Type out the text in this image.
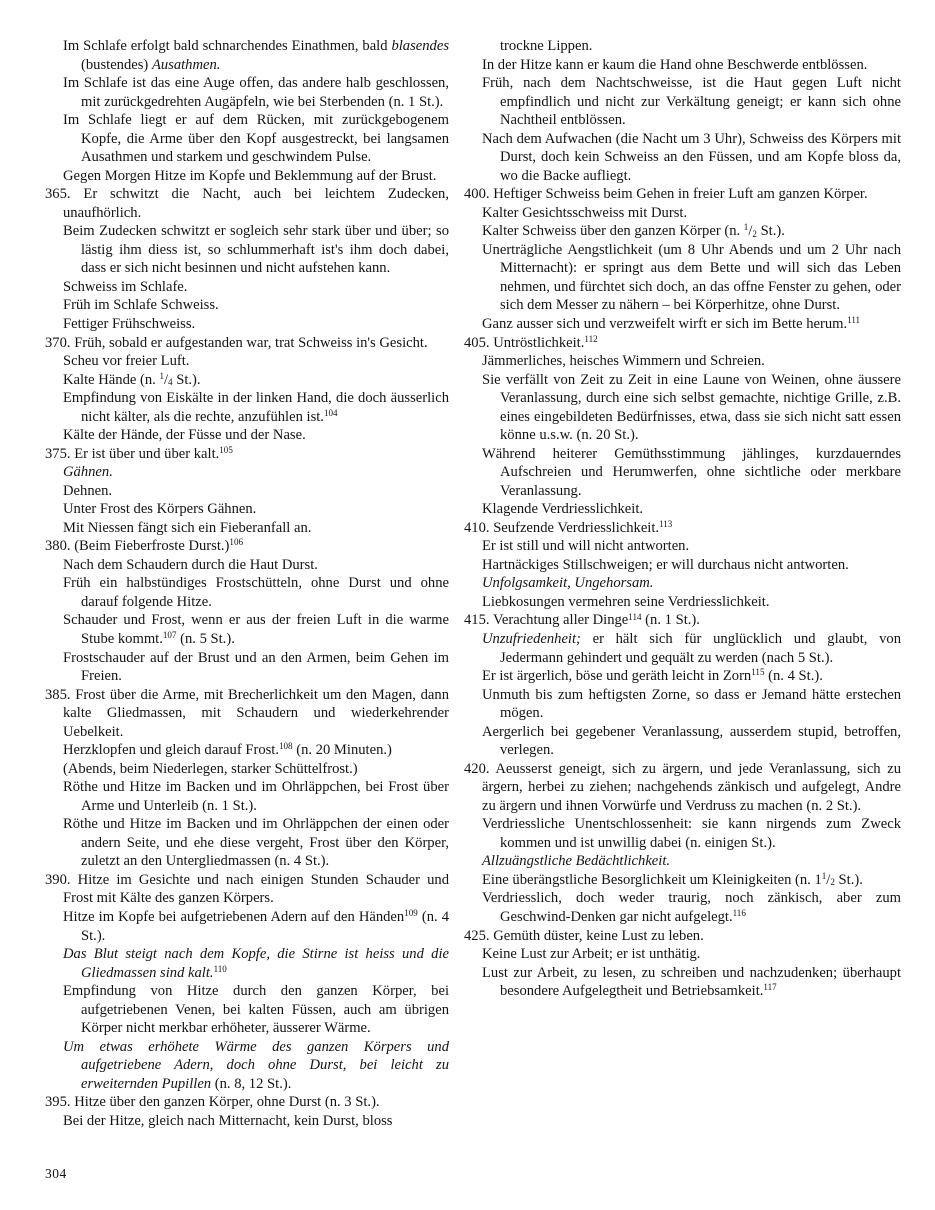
Im Schlafe erfolgt bald schnarchendes Einathmen, bald blasendes (bustendes) Ausathmen.

Im Schlafe ist das eine Auge offen, das andere halb geschlossen, mit zurückgedrehten Augäpfeln, wie bei Sterbenden (n. 1 St.).

Im Schlafe liegt er auf dem Rücken, mit zurückgebogenem Kopfe, die Arme über den Kopf ausgestreckt, bei langsamen Ausathmen und starkem und geschwindem Pulse.

Gegen Morgen Hitze im Kopfe und Beklemmung auf der Brust.

365. Er schwitzt die Nacht, auch bei leichtem Zudecken, unaufhörlich.

Beim Zudecken schwitzt er sogleich sehr stark über und über; so lästig ihm diess ist, so schlummerhaft ist's ihm doch dabei, dass er sich nicht besinnen und nicht aufstehen kann.

Schweiss im Schlafe.

Früh im Schlafe Schweiss.

Fettiger Frühschweiss.

370. Früh, sobald er aufgestanden war, trat Schweiss in's Gesicht.

Scheu vor freier Luft.

Kalte Hände (n. $^1$/4 St.).

Empfindung von Eiskälte in der linken Hand, die doch äusserlich nicht kälter, als die rechte, anzufühlen ist.$^{104}$

Kälte der Hände, der Füsse und der Nase.

375. Er ist über und über kalt.$^{105}$

Gähnen.

Dehnen.

Unter Frost des Körpers Gähnen.

Mit Niessen fängt sich ein Fieberanfall an.

380. (Beim Fieberfroste Durst.)$^{106}$

Nach dem Schaudern durch die Haut Durst.

Früh ein halbstündiges Frostschütteln, ohne Durst und ohne darauf folgende Hitze.

Schauder und Frost, wenn er aus der freien Luft in die warme Stube kommt.$^{107}$ (n. 5 St.).

Frostschauder auf der Brust und an den Armen, beim Gehen im Freien.

385. Frost über die Arme, mit Brecherlichkeit um den Magen, dann kalte Gliedmassen, mit Schaudern und wiederkehrender Uebelkeit.

Herzklopfen und gleich darauf Frost.$^{108}$ (n. 20 Minuten.)

(Abends, beim Niederlegen, starker Schüttelfrost.)

Röthe und Hitze im Backen und im Ohrläppchen, bei Frost über Arme und Unterleib (n. 1 St.).

Röthe und Hitze im Backen und im Ohrläppchen der einen oder andern Seite, und ehe diese vergeht, Frost über den Körper, zuletzt an den Untergliedmassen (n. 4 St.).

390. Hitze im Gesichte und nach einigen Stunden Schauder und Frost mit Kälte des ganzen Körpers.

Hitze im Kopfe bei aufgetriebenen Adern auf den Händen$^{109}$ (n. 4 St.).

Das Blut steigt nach dem Kopfe, die Stirne ist heiss und die Gliedmassen sind kalt.$^{110}$

Empfindung von Hitze durch den ganzen Körper, bei aufgetriebenen Venen, bei kalten Füssen, auch am übrigen Körper nicht merkbar erhöheter, äusserer Wärme.

Um etwas erhöhete Wärme des ganzen Körpers und aufgetriebene Adern, doch ohne Durst, bei leicht zu erweiternden Pupillen (n. 8, 12 St.).

395. Hitze über den ganzen Körper, ohne Durst (n. 3 St.).

Bei der Hitze, gleich nach Mitternacht, kein Durst, bloss

trockne Lippen.

In der Hitze kann er kaum die Hand ohne Beschwerde entblössen.

Früh, nach dem Nachtschweisse, ist die Haut gegen Luft nicht empfindlich und nicht zur Verkältung geneigt; er kann sich ohne Nachtheil entblössen.

Nach dem Aufwachen (die Nacht um 3 Uhr), Schweiss des Körpers mit Durst, doch kein Schweiss an den Füssen, und am Kopfe bloss da, wo die Backe aufliegt.

400. Heftiger Schweiss beim Gehen in freier Luft am ganzen Körper.

Kalter Gesichtsschweiss mit Durst.

Kalter Schweiss über den ganzen Körper (n. $^1$/2 St.).

Unerträgliche Aengstlichkeit (um 8 Uhr Abends und um 2 Uhr nach Mitternacht): er springt aus dem Bette und will sich das Leben nehmen, und fürchtet sich doch, an das offne Fenster zu gehen, oder sich dem Messer zu nähern – bei Körperhitze, ohne Durst.

Ganz ausser sich und verzweifelt wirft er sich im Bette herum.$^{111}$

405. Untröstlichkeit.$^{112}$

Jämmerliches, heisches Wimmern und Schreien.

Sie verfällt von Zeit zu Zeit in eine Laune von Weinen, ohne äussere Veranlassung, durch eine sich selbst gemachte, nichtige Grille, z.B. eines eingebildeten Bedürfnisses, etwa, dass sie sich nicht satt essen könne u.s.w. (n. 20 St.).

Während heiterer Gemüthsstimmung jählinges, kurzdauerndes Aufschreien und Herumwerfen, ohne sichtliche oder merkbare Veranlassung.

Klagende Verdriesslichkeit.

410. Seufzende Verdriesslichkeit.$^{113}$

Er ist still und will nicht antworten.

Hartnäckiges Stillschweigen; er will durchaus nicht antworten.

Unfolgsamkeit, Ungehorsam.

Liebkosungen vermehren seine Verdriesslichkeit.

415. Verachtung aller Dinge$^{114}$ (n. 1 St.).

Unzufriedenheit; er hält sich für unglücklich und glaubt, von Jedermann gehindert und gequält zu werden (nach 5 St.).

Er ist ärgerlich, böse und geräth leicht in Zorn$^{115}$ (n. 4 St.).

Unmuth bis zum heftigsten Zorne, so dass er Jemand hätte erstechen mögen.

Aergerlich bei gegebener Veranlassung, ausserdem stupid, betroffen, verlegen.

420. Aeusserst geneigt, sich zu ärgern, und jede Veranlassung, sich zu ärgern, herbei zu ziehen; nachgehends zänkisch und aufgelegt, Andre zu ärgern und ihnen Vorwürfe und Verdruss zu machen (n. 2 St.).

Verdriessliche Unentschlossenheit: sie kann nirgends zum Zweck kommen und ist unwillig dabei (n. einigen St.).

Allzuängstliche Bedächtlichkeit.

Eine überängstliche Besorglichkeit um Kleinigkeiten (n. $1^1/2$ St.).

Verdriesslich, doch weder traurig, noch zänkisch, aber zum Geschwind-Denken gar nicht aufgelegt.$^{116}$

425. Gemüth düster, keine Lust zu leben.

Keine Lust zur Arbeit; er ist unthätig.

Lust zur Arbeit, zu lesen, zu schreiben und nachzudenken; überhaupt besondere Aufgelegtheit und Betriebsamkeit.$^{117}$

304
